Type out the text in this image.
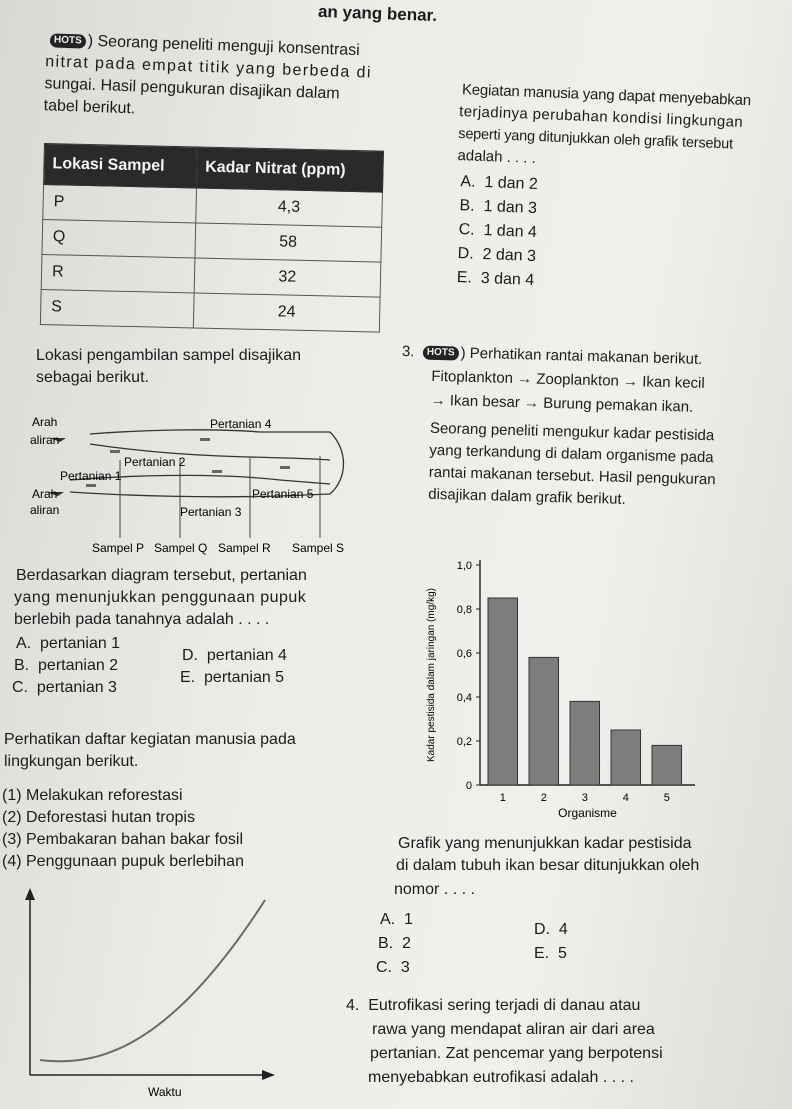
an yang benar.
HOTS ) Seorang peneliti menguji konsentrasi
nitrat pada empat titik yang berbeda di
sungai. Hasil pengukuran disajikan dalam
tabel berikut.
Lokasi Sampel	Kadar Nitrat (ppm)
P	4,3
Q	58
R	32
S	24
Lokasi pengambilan sampel disajikan
sebagai berikut.
Arah
aliran
Arah
aliran
Pertanian 1
Pertanian 2
Pertanian 3
Pertanian 4
Pertanian 5
Sampel P Sampel Q Sampel R Sampel S
Berdasarkan diagram tersebut, pertanian
yang menunjukkan penggunaan pupuk
berlebih pada tanahnya adalah . . . .
A. pertanian 1
B. pertanian 2
C. pertanian 3
D. pertanian 4
E. pertanian 5
Perhatikan daftar kegiatan manusia pada
lingkungan berikut.
(1) Melakukan reforestasi
(2) Deforestasi hutan tropis
(3) Pembakaran bahan bakar fosil
(4) Penggunaan pupuk berlebihan
Waktu
Kegiatan manusia yang dapat menyebabkan
terjadinya perubahan kondisi lingkungan
seperti yang ditunjukkan oleh grafik tersebut
adalah . . . .
A. 1 dan 2
B. 1 dan 3
C. 1 dan 4
D. 2 dan 3
E. 3 dan 4
3. HOTS ) Perhatikan rantai makanan berikut.
Fitoplankton → Zooplankton → Ikan kecil
→ Ikan besar → Burung pemakan ikan.
Seorang peneliti mengukur kadar pestisida
yang terkandung di dalam organisme pada
rantai makanan tersebut. Hasil pengukuran
disajikan dalam grafik berikut.
0
0,2
0,4
0,6
0,8
1,0
1	2	3	4	5
Organisme
Kadar pestisida dalam jaringan (mg/kg)
Grafik yang menunjukkan kadar pestisida
di dalam tubuh ikan besar ditunjukkan oleh
nomor . . . .
A. 1
B. 2
C. 3
D. 4
E. 5
4. Eutrofikasi sering terjadi di danau atau
rawa yang mendapat aliran air dari area
pertanian. Zat pencemar yang berpotensi
menyebabkan eutrofikasi adalah . . . .
